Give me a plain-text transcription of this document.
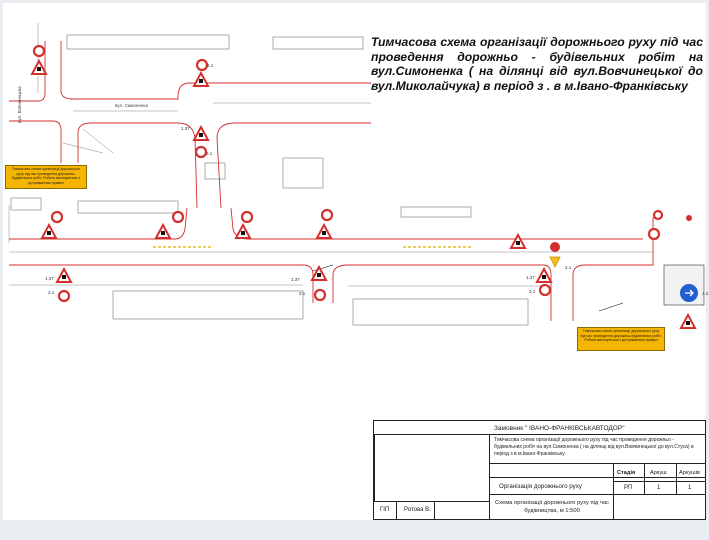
3.1
3.1
1.37
1.37	1.37	1.37
3.1	3.1	3.1
2.1
4.2
вул. Симоненка
вул. Вовчинецька
Тимчасова схема організації дорожнього руху під час проведення дорожньо-будівельних робіт. Роботи виконуються з дотриманням правил
Тимчасова схема організації дорожнього руху під час проведення дорожньо-будівельних робіт. Роботи виконуються з дотриманням правил

Тимчасова схема організації дорожнього руху під час проведення дорожньо - будівельних робіт на вул.Симоненка ( на ділянці від вул.Вовчинецької до вул.Миколайчука) в період з . в м.Івано-Франківську

Замовник " ІВАНО-ФРАНКІВСЬКАВТОДОР"
Тимчасова схема організації дорожнього руху під час проведення дорожньо - будівельних робіт на вул.Симоненка ( на ділянці від вул.Вовчинецької до вул.Стуса) в період з в м.Івано-Франківську
Організація дорожнього руху
Стадія	Аркуш Аркушів
РП	1	1
ГІП Ротова В.
Схема організації дорожнього руху під час будівництва, м 1:500
